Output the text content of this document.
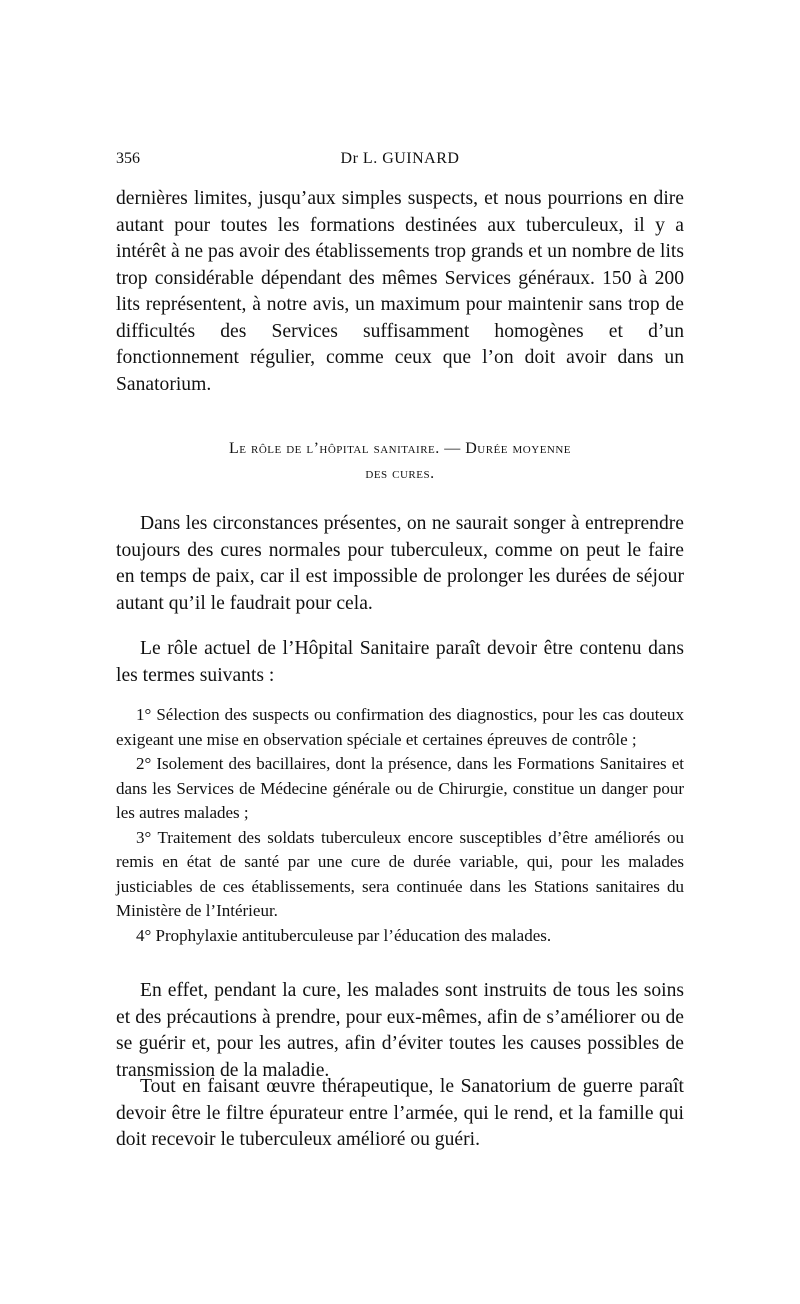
356	Dr L. GUINARD

dernières limites, jusqu’aux simples suspects, et nous pourrions en dire autant pour toutes les formations destinées aux tuberculeux, il y a intérêt à ne pas avoir des établissements trop grands et un nombre de lits trop considérable dépendant des mêmes Services généraux. 150 à 200 lits représentent, à notre avis, un maximum pour maintenir sans trop de difficultés des Services suffisamment homogènes et d’un fonctionnement régulier, comme ceux que l’on doit avoir dans un Sanatorium.

Le rôle de l’hôpital sanitaire. — Durée moyenne

des cures.

Dans les circonstances présentes, on ne saurait songer à entreprendre toujours des cures normales pour tuberculeux, comme on peut le faire en temps de paix, car il est impossible de prolonger les durées de séjour autant qu’il le faudrait pour cela.

Le rôle actuel de l’Hôpital Sanitaire paraît devoir être contenu dans les termes suivants :

1° Sélection des suspects ou confirmation des diagnostics, pour les cas douteux exigeant une mise en observation spéciale et certaines épreuves de contrôle ;
2° Isolement des bacillaires, dont la présence, dans les Formations Sanitaires et dans les Services de Médecine générale ou de Chirurgie, constitue un danger pour les autres malades ;
3° Traitement des soldats tuberculeux encore susceptibles d’être améliorés ou remis en état de santé par une cure de durée variable, qui, pour les malades justiciables de ces établissements, sera continuée dans les Stations sanitaires du Ministère de l’Intérieur.
4° Prophylaxie antituberculeuse par l’éducation des malades.

En effet, pendant la cure, les malades sont instruits de tous les soins et des précautions à prendre, pour eux-mêmes, afin de s’améliorer ou de se guérir et, pour les autres, afin d’éviter toutes les causes possibles de transmission de la maladie.

Tout en faisant œuvre thérapeutique, le Sanatorium de guerre paraît devoir être le filtre épurateur entre l’armée, qui le rend, et la famille qui doit recevoir le tuberculeux amélioré ou guéri.
